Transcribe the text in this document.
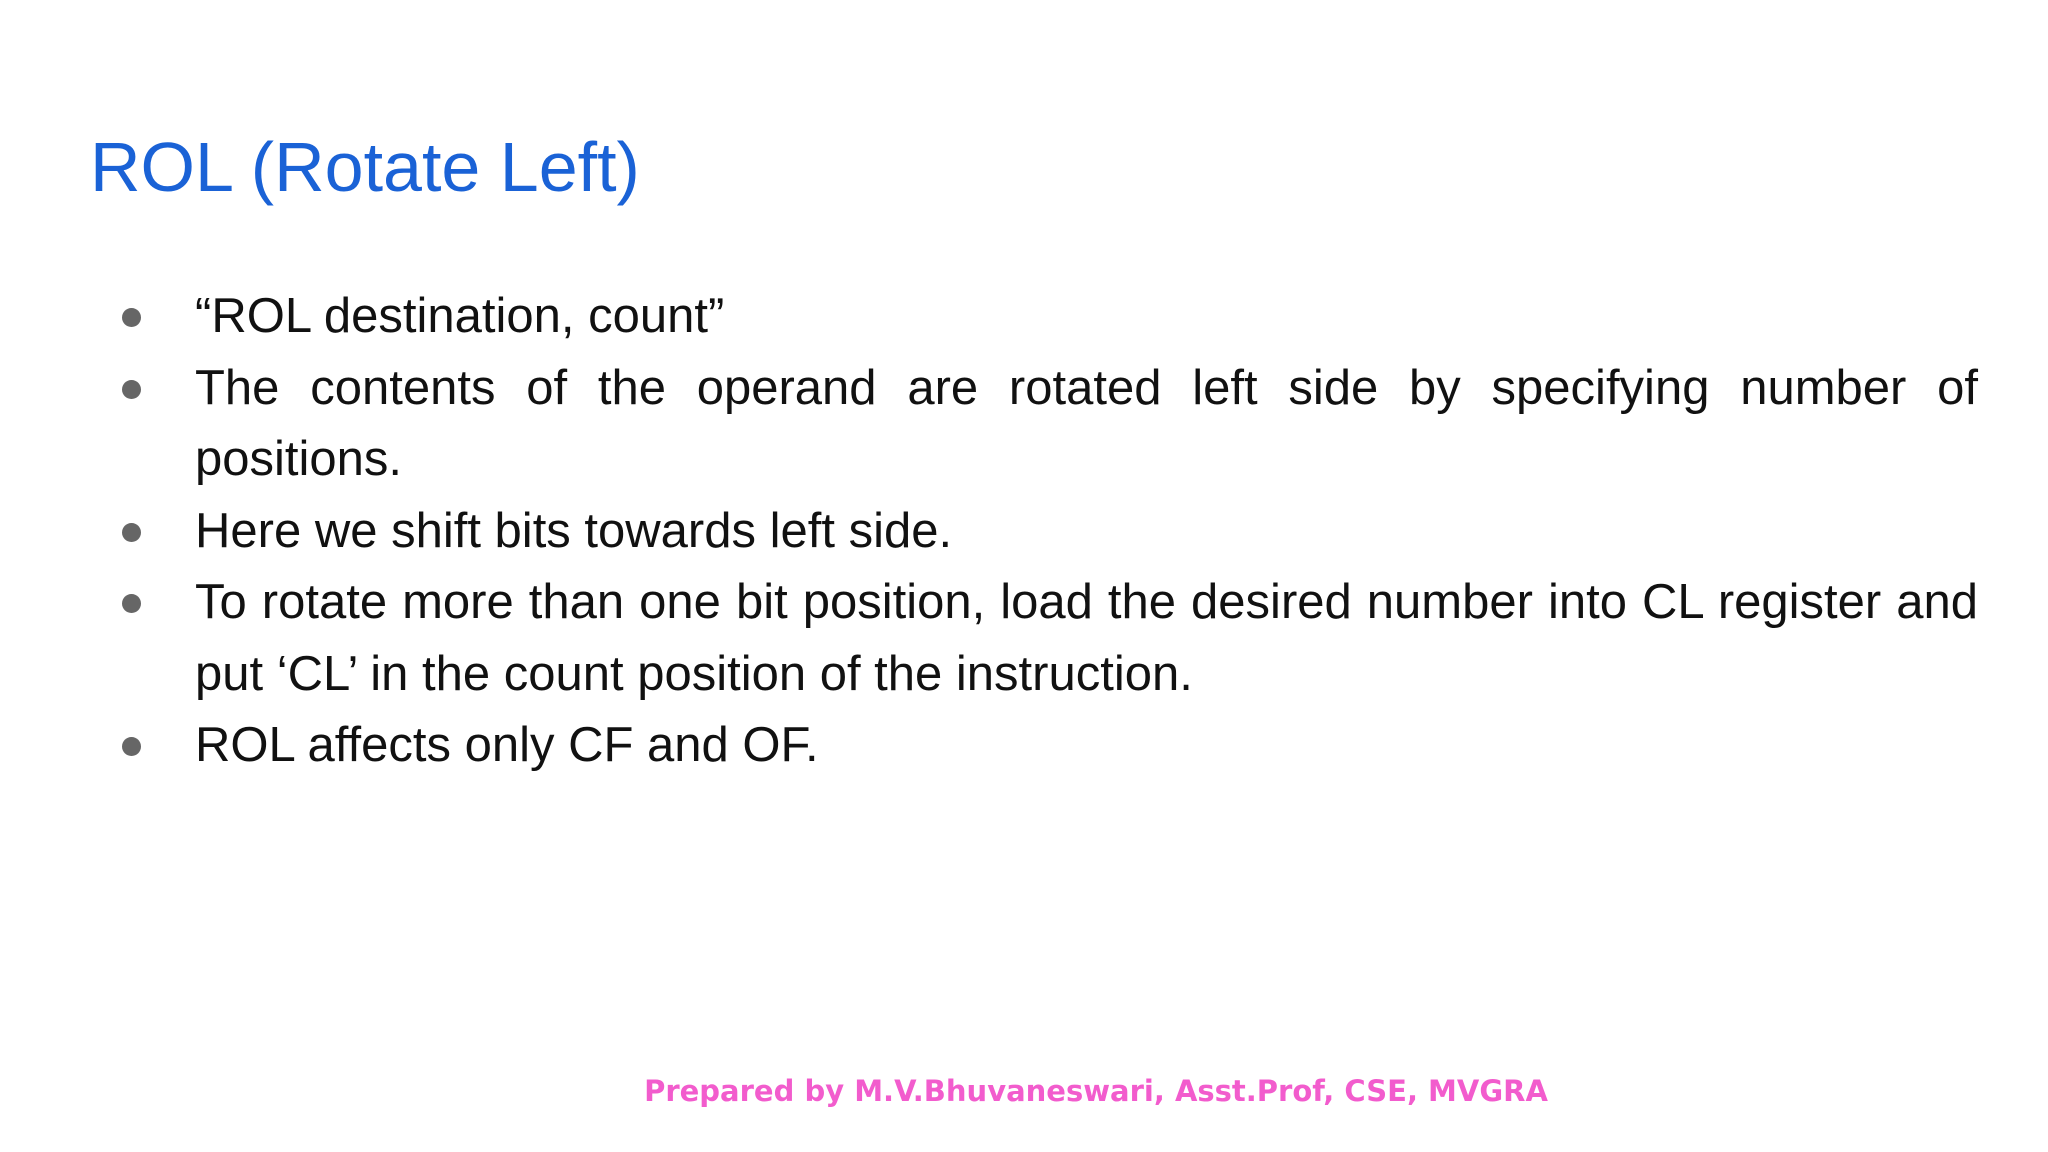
ROL (Rotate Left)
“ROL destination, count”
The contents of the operand are rotated left side by specifying number of positions.
Here we shift bits towards left side.
To rotate more than one bit position, load the desired number into CL register and put ‘CL’ in the count position of the instruction.
ROL affects only CF and OF.
Prepared by M.V.Bhuvaneswari, Asst.Prof, CSE, MVGRA
